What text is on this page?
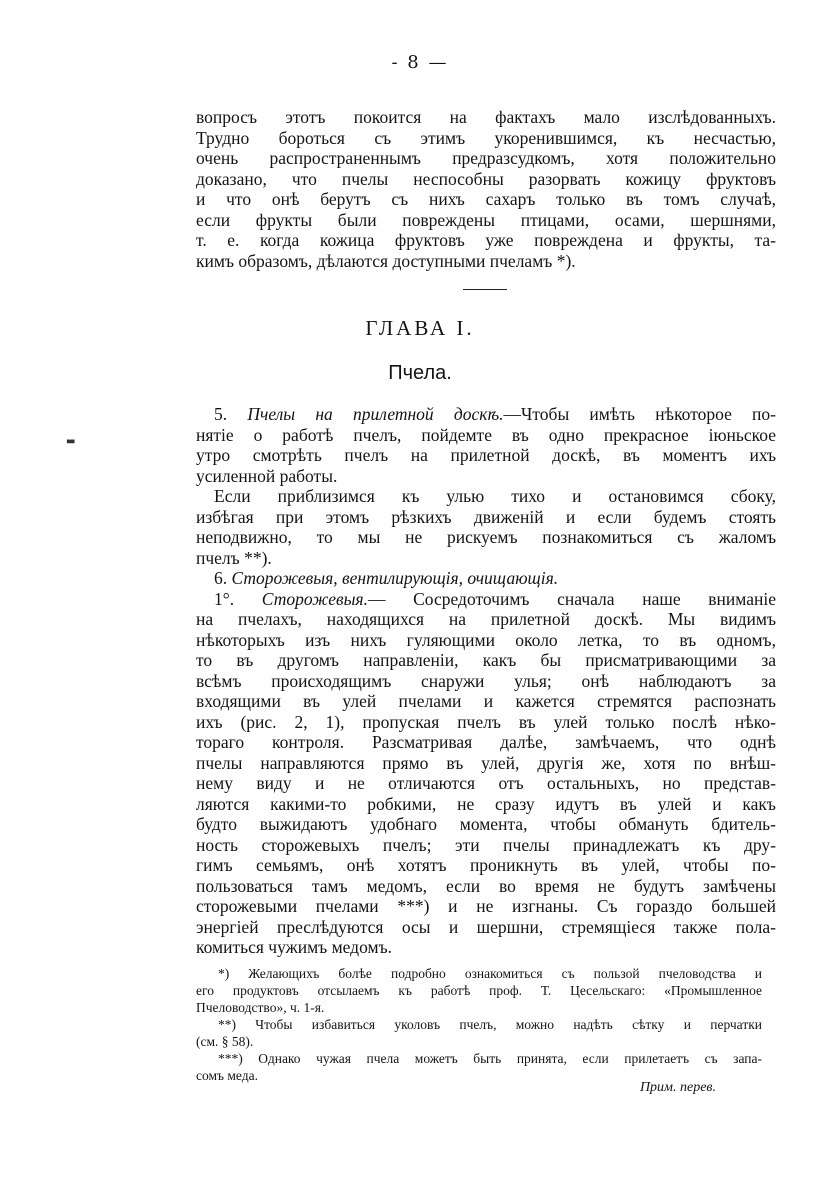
- 8 —
вопросъ этотъ покоится на фактахъ мало изслѣдованныхъ.
Трудно бороться съ этимъ укоренившимся, къ несчастью,
очень распространеннымъ предразсудкомъ, хотя положительно
доказано, что пчелы неспособны разорвать кожицу фруктовъ
и что онѣ берутъ съ нихъ сахаръ только въ томъ случаѣ,
если фрукты были повреждены птицами, осами, шершнями,
т. е. когда кожица фруктовъ уже повреждена и фрукты, та-
кимъ образомъ, дѣлаются доступными пчеламъ *).
ГЛАВА I.
Пчела.
▬
5. Пчелы на прилетной доскѣ.—Чтобы имѣть нѣкоторое по-
нятіе о работѣ пчелъ, пойдемте въ одно прекрасное іюньское
утро смотрѣть пчелъ на прилетной доскѣ, въ моментъ ихъ
усиленной работы.
Если приблизимся къ улью тихо и остановимся сбоку,
избѣгая при этомъ рѣзкихъ движеній и если будемъ стоять
неподвижно, то мы не рискуемъ познакомиться съ жаломъ
пчелъ **).
6. Сторожевыя, вентилирующія, очищающія.
1°. Сторожевыя.— Сосредоточимъ сначала наше вниманіе
на пчелахъ, находящихся на прилетной доскѣ. Мы видимъ
нѣкоторыхъ изъ нихъ гуляющими около летка, то въ одномъ,
то въ другомъ направленіи, какъ бы присматривающими за
всѣмъ происходящимъ снаружи улья; онѣ наблюдаютъ за
входящими въ улей пчелами и кажется стремятся распознать
ихъ (рис. 2, 1), пропуская пчелъ въ улей только послѣ нѣко-
тораго контроля. Разсматривая далѣе, замѣчаемъ, что однѣ
пчелы направляются прямо въ улей, другія же, хотя по внѣш-
нему виду и не отличаются отъ остальныхъ, но представ-
ляются какими-то робкими, не сразу идутъ въ улей и какъ
будто выжидаютъ удобнаго момента, чтобы обмануть бдитель-
ность сторожевыхъ пчелъ; эти пчелы принадлежатъ къ дру-
гимъ семьямъ, онѣ хотятъ проникнуть въ улей, чтобы по-
пользоваться тамъ медомъ, если во время не будутъ замѣчены
сторожевыми пчелами ***) и не изгнаны. Съ гораздо большей
энергіей преслѣдуются осы и шершни, стремящіеся также пола-
комиться чужимъ медомъ.
*) Желающихъ болѣе подробно ознакомиться съ пользой пчеловодства и
его продуктовъ отсылаемъ къ работѣ проф. Т. Цесельскаго: «Промышленное
Пчеловодство», ч. 1-я.
**) Чтобы избавиться уколовъ пчелъ, можно надѣть сѣтку и перчатки
(см. § 58).
***) Однако чужая пчела можетъ быть принята, если прилетаетъ съ запа-
сомъ меда.
Прим. перев.
